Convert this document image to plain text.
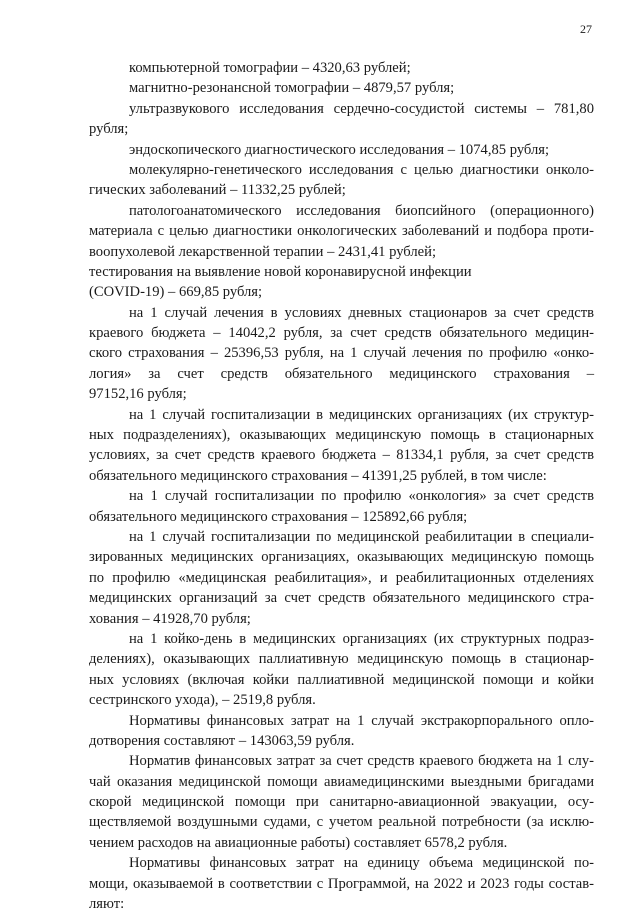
27
компьютерной томографии – 4320,63 рублей;
магнитно-резонансной томографии – 4879,57 рубля;
ультразвукового исследования сердечно-сосудистой системы – 781,80
рубля;
эндоскопического диагностического исследования – 1074,85 рубля;
молекулярно-генетического исследования с целью диагностики онколо-
гических заболеваний – 11332,25 рублей;
патологоанатомического исследования биопсийного (операционного)
материала с целью диагностики онкологических заболеваний и подбора проти-
воопухолевой лекарственной терапии – 2431,41 рублей;
тестирования на выявление новой коронавирусной инфекции
(COVID-19) – 669,85 рубля;
на 1 случай лечения в условиях дневных стационаров за счет средств
краевого бюджета – 14042,2 рубля, за счет средств обязательного медицин-
ского страхования – 25396,53 рубля, на 1 случай лечения по профилю «онко-
логия» за счет средств обязательного медицинского страхования –
97152,16 рубля;
на 1 случай госпитализации в медицинских организациях (их структур-
ных подразделениях), оказывающих медицинскую помощь в стационарных
условиях, за счет средств краевого бюджета – 81334,1 рубля, за счет средств
обязательного медицинского страхования – 41391,25 рублей, в том числе:
на 1 случай госпитализации по профилю «онкология» за счет средств
обязательного медицинского страхования – 125892,66 рубля;
на 1 случай госпитализации по медицинской реабилитации в специали-
зированных медицинских организациях, оказывающих медицинскую помощь
по профилю «медицинская реабилитация», и реабилитационных отделениях
медицинских организаций за счет средств обязательного медицинского стра-
хования – 41928,70 рубля;
на 1 койко-день в медицинских организациях (их структурных подраз-
делениях), оказывающих паллиативную медицинскую помощь в стационар-
ных условиях (включая койки паллиативной медицинской помощи и койки
сестринского ухода), – 2519,8 рубля.
Нормативы финансовых затрат на 1 случай экстракорпорального опло-
дотворения составляют – 143063,59 рубля.
Норматив финансовых затрат за счет средств краевого бюджета на 1 слу-
чай оказания медицинской помощи авиамедицинскими выездными бригадами
скорой медицинской помощи при санитарно-авиационной эвакуации, осу-
ществляемой воздушными судами, с учетом реальной потребности (за исклю-
чением расходов на авиационные работы) составляет 6578,2 рубля.
Нормативы финансовых затрат на единицу объема медицинской по-
мощи, оказываемой в соответствии с Программой, на 2022 и 2023 годы состав-
ляют:
